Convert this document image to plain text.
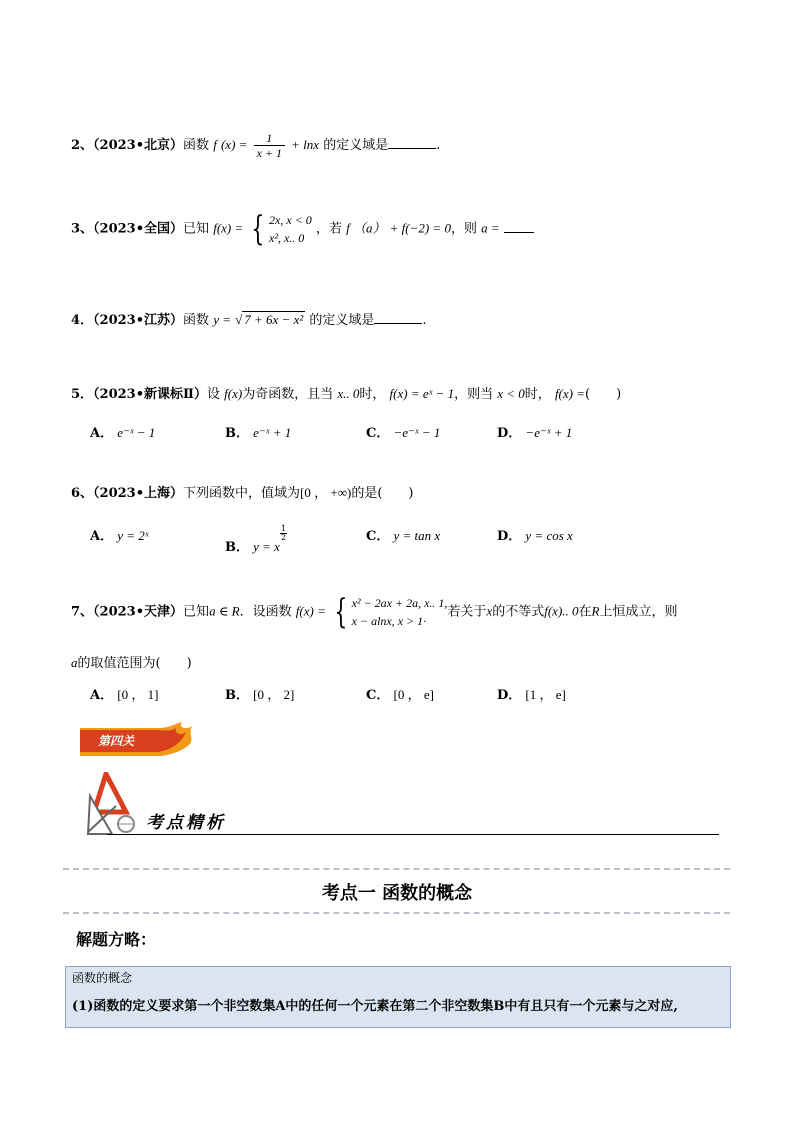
2、（2023•北京）函数 f $(x) = \frac{1}{x + 1} + \ln x$ 的定义域是	.
3、（2023•全国）已知 f(x) = { 2x, x < 0
x², x.. 0
，若 f （a） + f(−2) = 0，则 a =
4．（2023•江苏）函数 y = √ 7 + 6x − x² 的定义域是	.
5．（2023•新课标Ⅱ）设 f(x)为奇函数，且当 x.. 0时， f(x) = eˣ − 1，则当 x < 0时， f(x) =(　　)
A． e⁻ˣ − 1	B． e⁻ˣ + 1	C． −e⁻ˣ − 1	D． −e⁻ˣ + 1
6、（2023•上海）下列函数中，值域为[0 ， +∞)的是(　　)
A． y = 2ˣ
B． y = x
$\frac{1}{2}$	C． y = tan x	D． y = cos x
7、（2023•天津）已知a ∈ R．设函数 f(x) = { x² − 2ax + 2a, x.. 1,
x − alnx, x > 1·
若关于x的不等式f(x).. 0在R上恒成立，则
a的取值范围为(　　)
A． [0 ， 1]	B． [0 ， 2]	C． [0 ， e]	D． [1 ， e]
第四关
考点精析
考点一 函数的概念
解题方略：
函数的概念
(1)函数的定义要求第一个非空数集A中的任何一个元素在第二个非空数集B中有且只有一个元素与之对应,
